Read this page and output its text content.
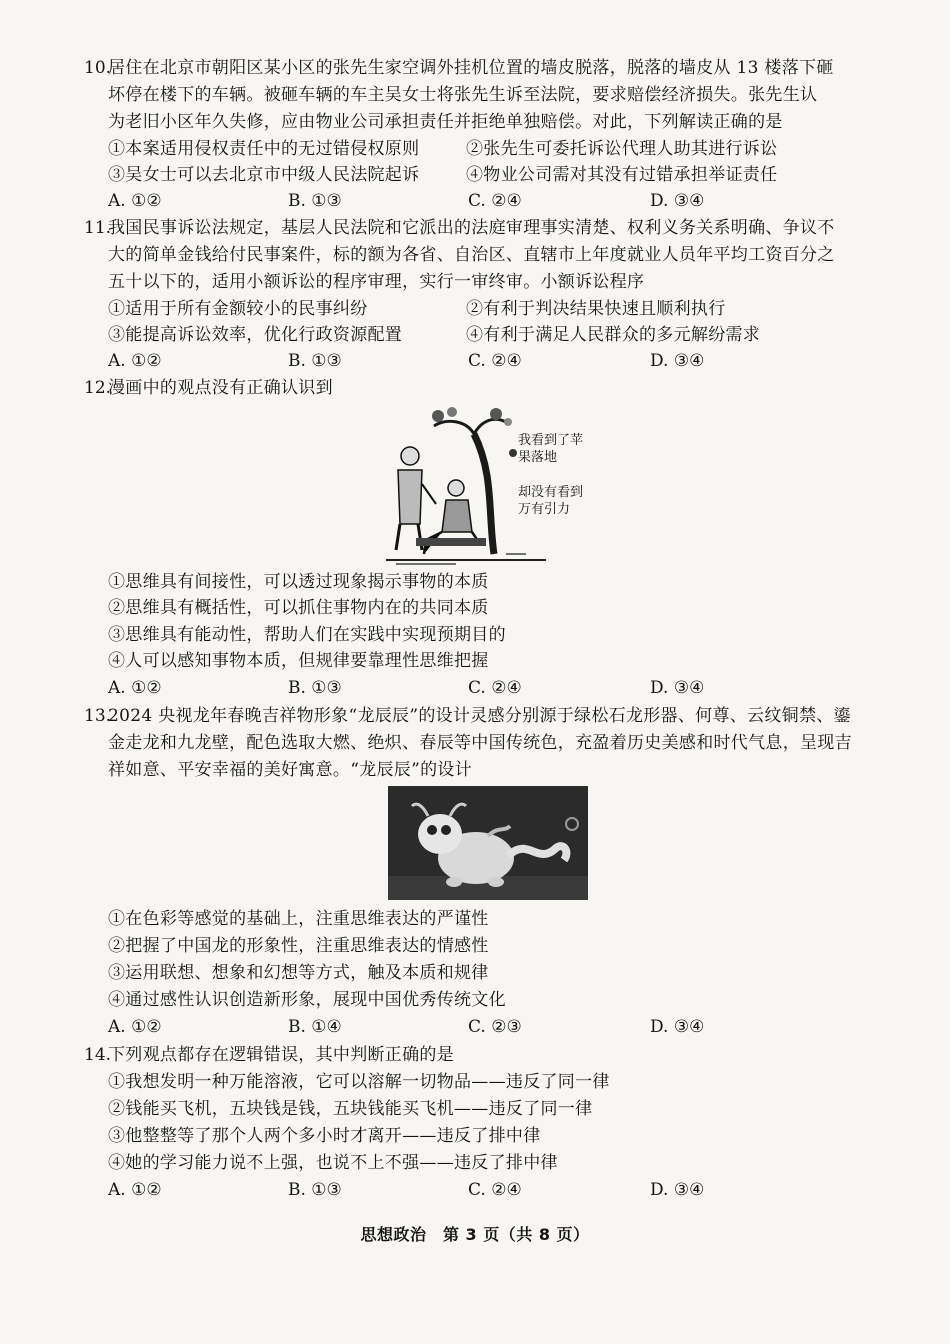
10.
居住在北京市朝阳区某小区的张先生家空调外挂机位置的墙皮脱落，脱落的墙皮从 13 楼落下砸
坏停在楼下的车辆。被砸车辆的车主吴女士将张先生诉至法院，要求赔偿经济损失。张先生认
为老旧小区年久失修，应由物业公司承担责任并拒绝单独赔偿。对此，下列解读正确的是
①本案适用侵权责任中的无过错侵权原则	②张先生可委托诉讼代理人助其进行诉讼
③吴女士可以去北京市中级人民法院起诉	④物业公司需对其没有过错承担举证责任
A. ①②	B. ①③	C. ②④	D. ③④
11.
我国民事诉讼法规定，基层人民法院和它派出的法庭审理事实清楚、权利义务关系明确、争议不
大的简单金钱给付民事案件，标的额为各省、自治区、直辖市上年度就业人员年平均工资百分之
五十以下的，适用小额诉讼的程序审理，实行一审终审。小额诉讼程序
①适用于所有金额较小的民事纠纷	②有利于判决结果快速且顺利执行
③能提高诉讼效率，优化行政资源配置	④有利于满足人民群众的多元解纷需求
A. ①②	B. ①③	C. ②④	D. ③④
12.
漫画中的观点没有正确认识到
我看到了苹
果落地
却没有看到
万有引力
①思维具有间接性，可以透过现象揭示事物的本质
②思维具有概括性，可以抓住事物内在的共同本质
③思维具有能动性，帮助人们在实践中实现预期目的
④人可以感知事物本质，但规律要靠理性思维把握
A. ①②	B. ①③	C. ②④	D. ③④
13.
2024 央视龙年春晚吉祥物形象“龙辰辰”的设计灵感分别源于绿松石龙形器、何尊、云纹铜禁、鎏
金走龙和九龙壁，配色选取大燃、绝炽、春辰等中国传统色，充盈着历史美感和时代气息，呈现吉
祥如意、平安幸福的美好寓意。“龙辰辰”的设计
①在色彩等感觉的基础上，注重思维表达的严谨性
②把握了中国龙的形象性，注重思维表达的情感性
③运用联想、想象和幻想等方式，触及本质和规律
④通过感性认识创造新形象，展现中国优秀传统文化
A. ①②	B. ①④	C. ②③	D. ③④
14.
下列观点都存在逻辑错误，其中判断正确的是
①我想发明一种万能溶液，它可以溶解一切物品——违反了同一律
②钱能买飞机，五块钱是钱，五块钱能买飞机——违反了同一律
③他整整等了那个人两个多小时才离开——违反了排中律
④她的学习能力说不上强，也说不上不强——违反了排中律
A. ①②	B. ①③	C. ②④	D. ③④
思想政治　第 3 页（共 8 页）
